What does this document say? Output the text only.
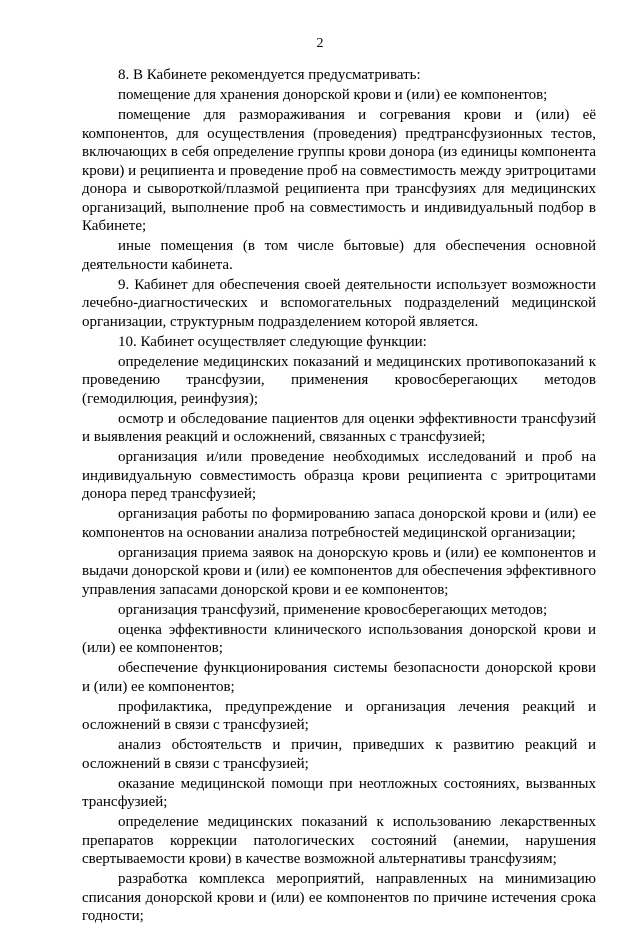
2

8. В Кабинете рекомендуется предусматривать:

помещение для хранения донорской крови и (или) ее компонентов;

помещение для размораживания и согревания крови и (или) её компонентов, для осуществления (проведения) предтрансфузионных тестов, включающих в себя определение группы крови донора (из единицы компонента крови) и реципиента и проведение проб на совместимость между эритроцитами донора и сывороткой/плазмой реципиента при трансфузиях для медицинских организаций, выполнение проб на совместимость и индивидуальный подбор в Кабинете;

иные помещения (в том числе бытовые) для обеспечения основной деятельности кабинета.

9. Кабинет для обеспечения своей деятельности использует возможности лечебно-диагностических и вспомогательных подразделений медицинской организации, структурным подразделением которой является.

10. Кабинет осуществляет следующие функции:

определение медицинских показаний и медицинских противопоказаний к проведению трансфузии, применения кровосберегающих методов (гемодилюция, реинфузия);

осмотр и обследование пациентов для оценки эффективности трансфузий и выявления реакций и осложнений, связанных с трансфузией;

организация и/или проведение необходимых исследований и проб на индивидуальную совместимость образца крови реципиента с эритроцитами донора перед трансфузией;

организация работы по формированию запаса донорской крови и (или) ее компонентов на основании анализа потребностей медицинской организации;

организация приема заявок на донорскую кровь и (или) ее компонентов и выдачи донорской крови и (или) ее компонентов для обеспечения эффективного управления запасами донорской крови и ее компонентов;

организация трансфузий, применение кровосберегающих методов;

оценка эффективности клинического использования донорской крови и (или) ее компонентов;

обеспечение функционирования системы безопасности донорской крови и (или) ее компонентов;

профилактика, предупреждение и организация лечения реакций и осложнений в связи с трансфузией;

анализ обстоятельств и причин, приведших к развитию реакций и осложнений в связи с трансфузией;

оказание медицинской помощи при неотложных состояниях, вызванных трансфузией;

определение медицинских показаний к использованию лекарственных препаратов коррекции патологических состояний (анемии, нарушения свертываемости крови) в качестве возможной альтернативы трансфузиям;

разработка комплекса мероприятий, направленных на минимизацию списания донорской крови и (или) ее компонентов по причине истечения срока годности;
